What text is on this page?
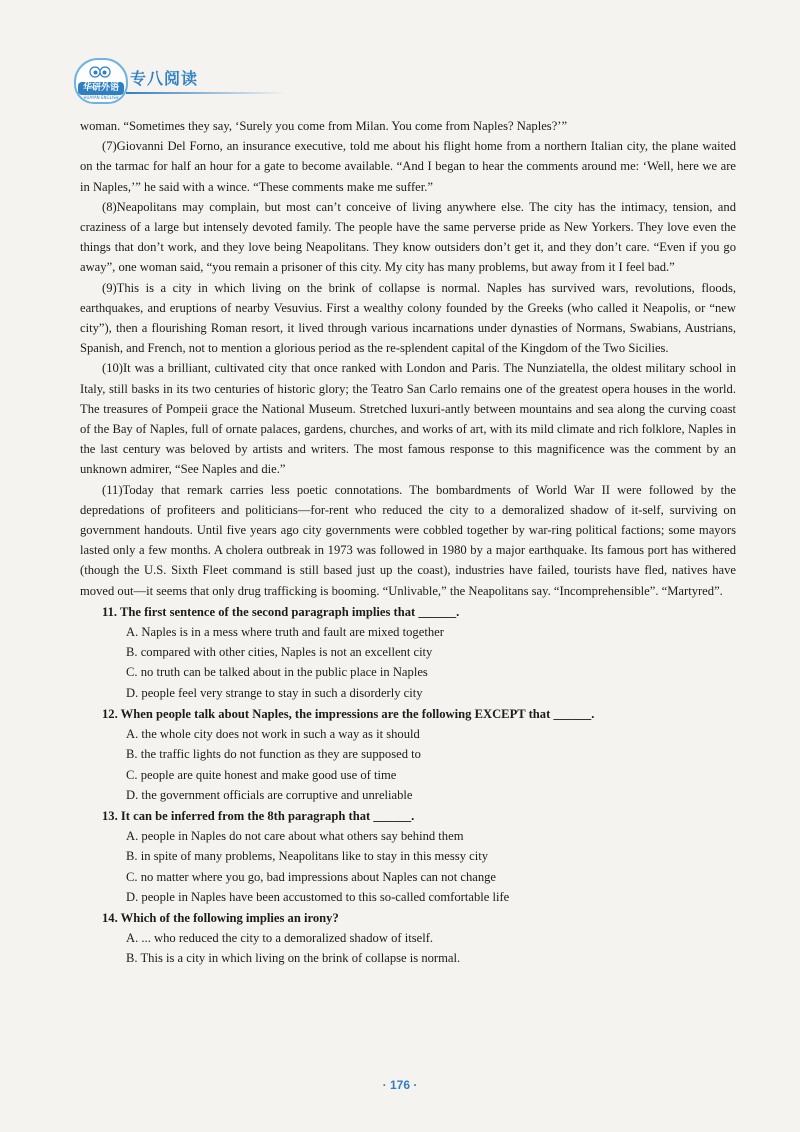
华研外语
HUAYAN ENGLISH
专八阅读

woman. “Sometimes they say, ‘Surely you come from Milan. You come from Naples? Naples?’”

(7)Giovanni Del Forno, an insurance executive, told me about his flight home from a northern Italian city, the plane waited on the tarmac for half an hour for a gate to become available. “And I began to hear the comments around me: ‘Well, here we are in Naples,’” he said with a wince. “These comments make me suffer.”

(8)Neapolitans may complain, but most can’t conceive of living anywhere else. The city has the intimacy, tension, and craziness of a large but intensely devoted family. The people have the same perverse pride as New Yorkers. They love even the things that don’t work, and they love being Neapolitans. They know outsiders don’t get it, and they don’t care. “Even if you go away”, one woman said, “you remain a prisoner of this city. My city has many problems, but away from it I feel bad.”

(9)This is a city in which living on the brink of collapse is normal. Naples has survived wars, revolutions, floods, earthquakes, and eruptions of nearby Vesuvius. First a wealthy colony founded by the Greeks (who called it Neapolis, or “new city”), then a flourishing Roman resort, it lived through various incarnations under dynasties of Normans, Swabians, Austrians, Spanish, and French, not to mention a glorious period as the re-splendent capital of the Kingdom of the Two Sicilies.

(10)It was a brilliant, cultivated city that once ranked with London and Paris. The Nunziatella, the oldest military school in Italy, still basks in its two centuries of historic glory; the Teatro San Carlo remains one of the greatest opera houses in the world. The treasures of Pompeii grace the National Museum. Stretched luxuri-antly between mountains and sea along the curving coast of the Bay of Naples, full of ornate palaces, gardens, churches, and works of art, with its mild climate and rich folklore, Naples in the last century was beloved by artists and writers. The most famous response to this magnificence was the comment by an unknown admirer, “See Naples and die.”

(11)Today that remark carries less poetic connotations. The bombardments of World War II were followed by the depredations of profiteers and politicians—for-rent who reduced the city to a demoralized shadow of it-self, surviving on government handouts. Until five years ago city governments were cobbled together by war-ring political factions; some mayors lasted only a few months. A cholera outbreak in 1973 was followed in 1980 by a major earthquake. Its famous port has withered (though the U.S. Sixth Fleet command is still based just up the coast), industries have failed, tourists have fled, natives have moved out—it seems that only drug trafficking is booming. “Unlivable,” the Neapolitans say. “Incomprehensible”. “Martyred”.

11. The first sentence of the second paragraph implies that ______.

A. Naples is in a mess where truth and fault are mixed together

B. compared with other cities, Naples is not an excellent city

C. no truth can be talked about in the public place in Naples

D. people feel very strange to stay in such a disorderly city

12. When people talk about Naples, the impressions are the following EXCEPT that ______.

A. the whole city does not work in such a way as it should

B. the traffic lights do not function as they are supposed to

C. people are quite honest and make good use of time

D. the government officials are corruptive and unreliable

13. It can be inferred from the 8th paragraph that ______.

A. people in Naples do not care about what others say behind them

B. in spite of many problems, Neapolitans like to stay in this messy city

C. no matter where you go, bad impressions about Naples can not change

D. people in Naples have been accustomed to this so-called comfortable life

14. Which of the following implies an irony?

A. ... who reduced the city to a demoralized shadow of itself.

B. This is a city in which living on the brink of collapse is normal.

· 176 ·
